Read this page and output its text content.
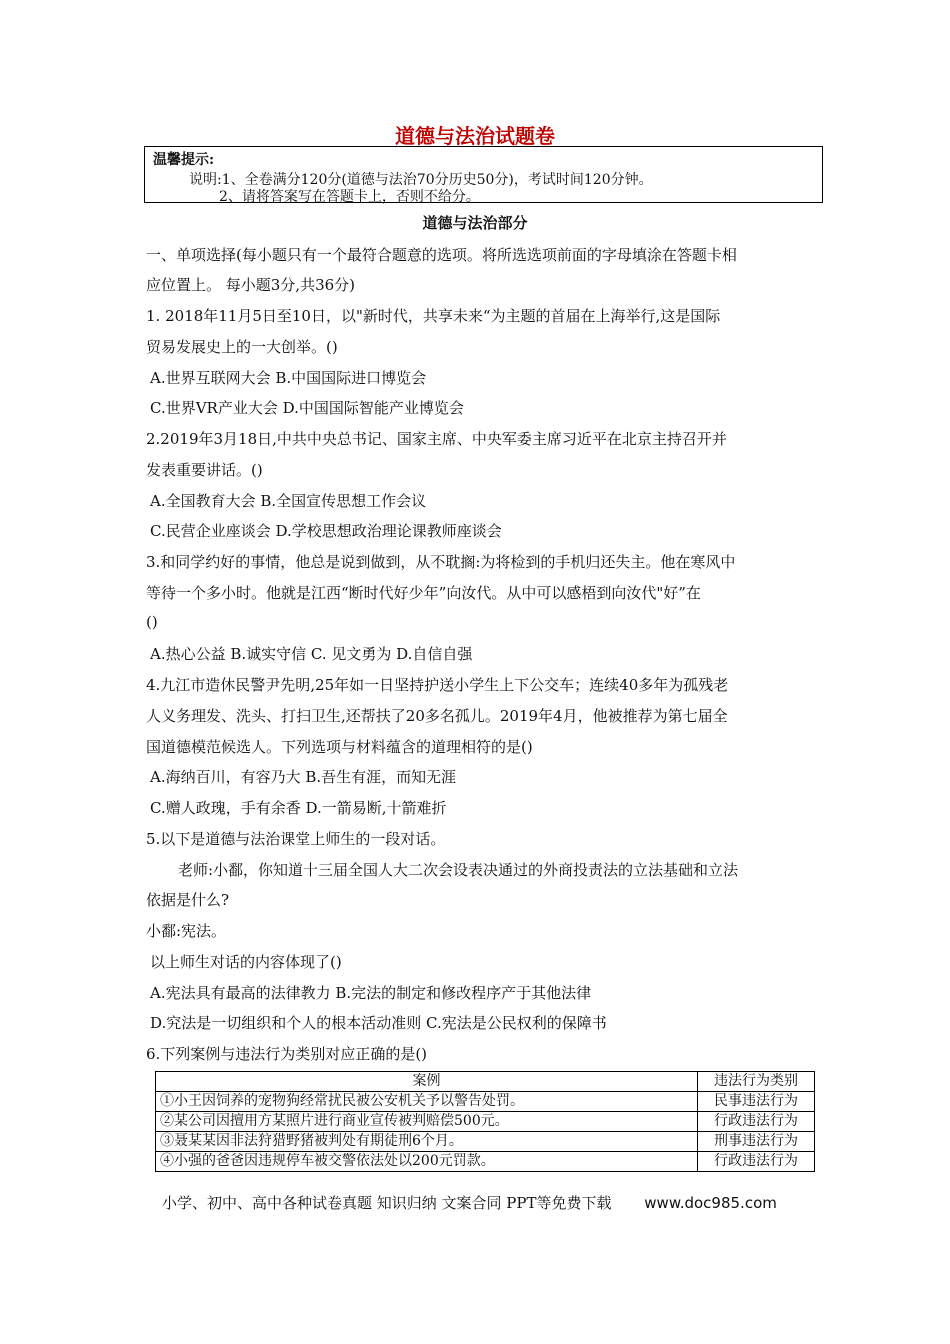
道德与法治试题卷
温馨提示:
说明:1、全卷满分120分(道德与法治70分历史50分)，考试时间120分钟。
2、请将答案写在答题卡上，否则不给分。
道德与法治部分
一、单项选择(每小题只有一个最符合题意的选项。将所选选项前面的字母填涂在答题卡相
应位置上。 每小题3分,共36分)
1. 2018年11月5日至10日，以"新时代，共享未来“为主题的首届在上海举行,这是国际
贸易发展史上的一大创举。()
A.世界互联网大会 B.中国国际进口博览会
C.世界VR产业大会 D.中国国际智能产业博览会
2.2019年3月18日,中共中央总书记、国家主席、中央军委主席习近平在北京主持召开并
发表重要讲话。()
A.全国教育大会 B.全国宣传思想工作会议
C.民营企业座谈会 D.学校思想政治理论课教师座谈会
3.和同学约好的事情，他总是说到做到，从不耽搁:为将检到的手机归还失主。他在寒风中
等待一个多小时。他就是江西“断时代好少年”向汝代。从中可以感梧到向汝代"好”在
()
A.热心公益 B.诚实守信 C. 见文勇为 D.自信自强
4.九江市造休民警尹先明,25年如一日坚持护送小学生上下公交车；连续40多年为孤残老
人义务理发、洗头、打扫卫生,还帮扶了20多名孤儿。2019年4月，他被推荐为第七届全
国道德模范候选人。下列选项与材料蕴含的道理相符的是()
A.海纳百川，有容乃大 B.吾生有涯，而知无涯
C.赠人政瑰，手有余香 D.一箭易断,十箭难折
5.以下是道德与法治课堂上师生的一段对话。
老师:小鄱，你知道十三届全国人大二次会设表决通过的外商投责法的立法基础和立法
依据是什么?
小鄱:宪法。
以上师生对话的内容体现了()
A.宪法具有最高的法律教力 B.完法的制定和修改程序产于其他法律
D.究法是一切组织和个人的根本活动准则 C.宪法是公民权利的保障书
6.下列案例与违法行为类别对应正确的是()
案例	违法行为类别
①小王因饲养的宠物狗经常扰民被公安机关予以警告处罚。	民事违法行为
②某公司因擅用方某照片进行商业宣传被判赔偿500元。	行政违法行为
③聂某某因非法狩猎野猪被判处有期徒刑6个月。	刑事违法行为
④小强的爸爸因违规停车被交警依法处以200元罚款。	行政违法行为
小学、初中、高中各种试卷真题 知识归纳 文案合同 PPT等免费下载 www.doc985.com
